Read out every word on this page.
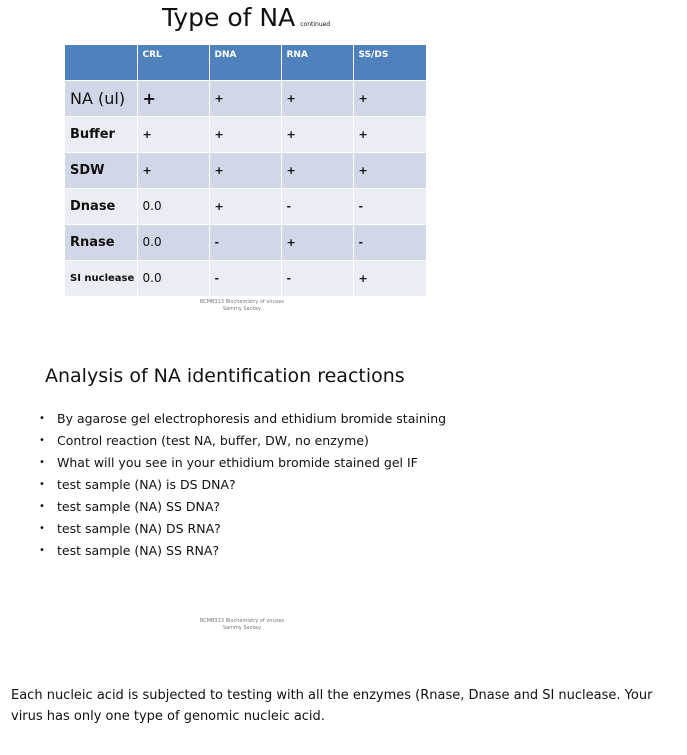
Type of NA continued
	CRL	DNA	RNA	SS/DS
NA (ul)	+	+	+	+
Buffer	+	+	+	+
SDW	+	+	+	+
Dnase	0.0	+	-	-
Rnase	0.0	-	+	-
SI nuclease	0.0	-	-	+
BCMB313 Biochemistry of viruses
Sammy Sackey
Analysis of NA identification reactions
• By agarose gel electrophoresis and ethidium bromide staining
• Control reaction (test NA, buffer, DW, no enzyme)
• What will you see in your ethidium bromide stained gel IF
• test sample (NA) is DS DNA?
• test sample (NA) SS DNA?
• test sample (NA) DS RNA?
• test sample (NA) SS RNA?
BCMB313 Biochemistry of viruses
Sammy Sackey
Each nucleic acid is subjected to testing with all the enzymes (Rnase, Dnase and SI nuclease. Your virus has only one type of genomic nucleic acid.
